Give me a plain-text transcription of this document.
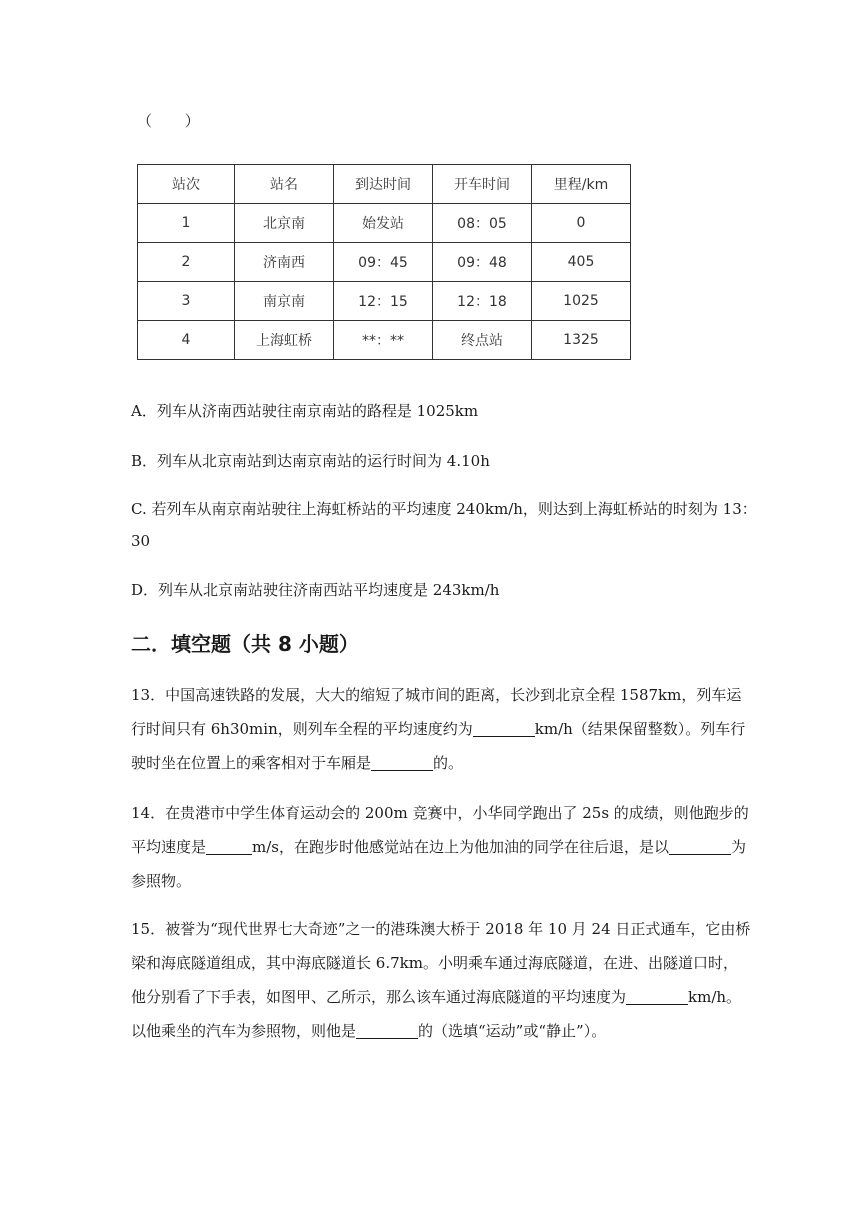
（ ）
站次	站名	到达时间	开车时间	里程/km
1	北京南	始发站	08：05	0
2	济南西	09：45	09：48	405
3	南京南	12：15	12：18	1025
4	上海虹桥	**：**	终点站	1325
A．列车从济南西站驶往南京南站的路程是 1025km
B．列车从北京南站到达南京南站的运行时间为 4.10h
C. 若列车从南京南站驶往上海虹桥站的平均速度 240km/h，则达到上海虹桥站的时刻为 13：
30
D．列车从北京南站驶往济南西站平均速度是 243km/h
二．填空题（共 8 小题）
13．中国高速铁路的发展，大大的缩短了城市间的距离，长沙到北京全程 1587km，列车运
行时间只有 6h30min，则列车全程的平均速度约为	km/h（结果保留整数）。列车行
驶时坐在位置上的乘客相对于车厢是	的。
14．在贵港市中学生体育运动会的 200m 竞赛中，小华同学跑出了 25s 的成绩，则他跑步的
平均速度是	m/s，在跑步时他感觉站在边上为他加油的同学在往后退，是以	为
参照物。
15．被誉为“现代世界七大奇迹”之一的港珠澳大桥于 2018 年 10 月 24 日正式通车，它由桥
梁和海底隧道组成，其中海底隧道长 6.7km。小明乘车通过海底隧道，在进、出隧道口时，
他分别看了下手表，如图甲、乙所示，那么该车通过海底隧道的平均速度为	km/h。
以他乘坐的汽车为参照物，则他是	的（选填“运动”或“静止”）。
